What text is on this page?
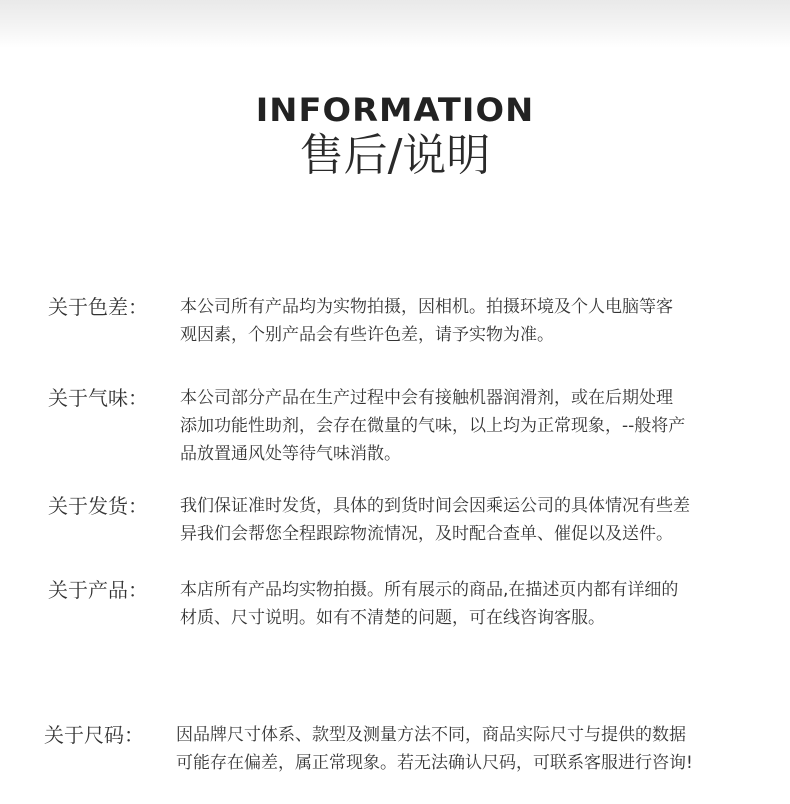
INFORMATION
售后/说明
关于色差： 本公司所有产品均为实物拍摄，因相机。拍摄环境及个人电脑等客
观因素，个别产品会有些许色差，请予实物为准。
关于气味： 本公司部分产品在生产过程中会有接触机器润滑剂，或在后期处理
添加功能性助剂，会存在微量的气味，以上均为正常现象，--般将产
品放置通风处等待气味消散。
关于发货： 我们保证准时发货，具体的到货时间会因乘运公司的具体情况有些差
异我们会帮您全程跟踪物流情况，及时配合查单、催促以及送件。
关于产品： 本店所有产品均实物拍摄。所有展示的商品,在描述页内都有详细的
材质、尺寸说明。如有不清楚的问题，可在线咨询客服。
关于尺码： 因品牌尺寸体系、款型及测量方法不同，商品实际尺寸与提供的数据
可能存在偏差，属正常现象。若无法确认尺码，可联系客服进行咨询!
